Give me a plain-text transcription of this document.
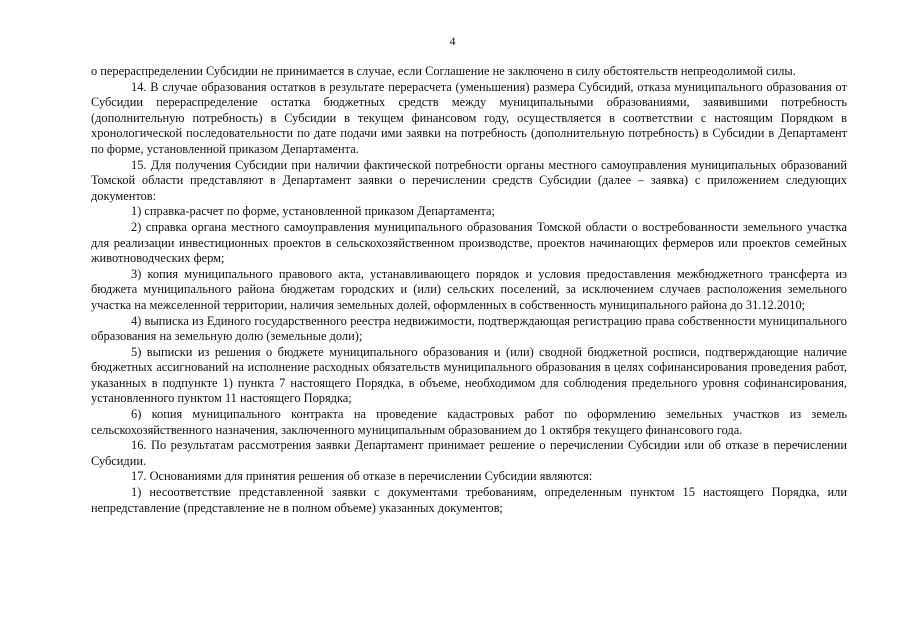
4

о перераспределении Субсидии не принимается в случае, если Соглашение не заключено в силу обстоятельств непреодолимой силы.

14. В случае образования остатков в результате перерасчета (уменьшения) размера Субсидий, отказа муниципального образования от Субсидии перераспределение остатка бюджетных средств между муниципальными образованиями, заявившими потребность (дополнительную потребность) в Субсидии в текущем финансовом году, осуществляется в соответствии с настоящим Порядком в хронологической последовательности по дате подачи ими заявки на потребность (дополнительную потребность) в Субсидии в Департамент по форме, установленной приказом Департамента.

15. Для получения Субсидии при наличии фактической потребности органы местного самоуправления муниципальных образований Томской области представляют в Департамент заявки о перечислении средств Субсидии (далее – заявка) с приложением следующих документов:

1) справка-расчет по форме, установленной приказом Департамента;

2) справка органа местного самоуправления муниципального образования Томской области о востребованности земельного участка для реализации инвестиционных проектов в сельскохозяйственном производстве, проектов начинающих фермеров или проектов семейных животноводческих ферм;

3) копия муниципального правового акта, устанавливающего порядок и условия предоставления межбюджетного трансферта из бюджета муниципального района бюджетам городских и (или) сельских поселений, за исключением случаев расположения земельного участка на межселенной территории, наличия земельных долей, оформленных в собственность муниципального района до 31.12.2010;

4) выписка из Единого государственного реестра недвижимости, подтверждающая регистрацию права собственности муниципального образования на земельную долю (земельные доли);

5) выписки из решения о бюджете муниципального образования и (или) сводной бюджетной росписи, подтверждающие наличие бюджетных ассигнований на исполнение расходных обязательств муниципального образования в целях софинансирования проведения работ, указанных в подпункте 1) пункта 7 настоящего Порядка, в объеме, необходимом для соблюдения предельного уровня софинансирования, установленного пунктом 11 настоящего Порядка;

6) копия муниципального контракта на проведение кадастровых работ по оформлению земельных участков из земель сельскохозяйственного назначения, заключенного муниципальным образованием до 1 октября текущего финансового года.

16. По результатам рассмотрения заявки Департамент принимает решение о перечислении Субсидии или об отказе в перечислении Субсидии.

17. Основаниями для принятия решения об отказе в перечислении Субсидии являются:

1) несоответствие представленной заявки с документами требованиям, определенным пунктом 15 настоящего Порядка, или непредставление (представление не в полном объеме) указанных документов;
